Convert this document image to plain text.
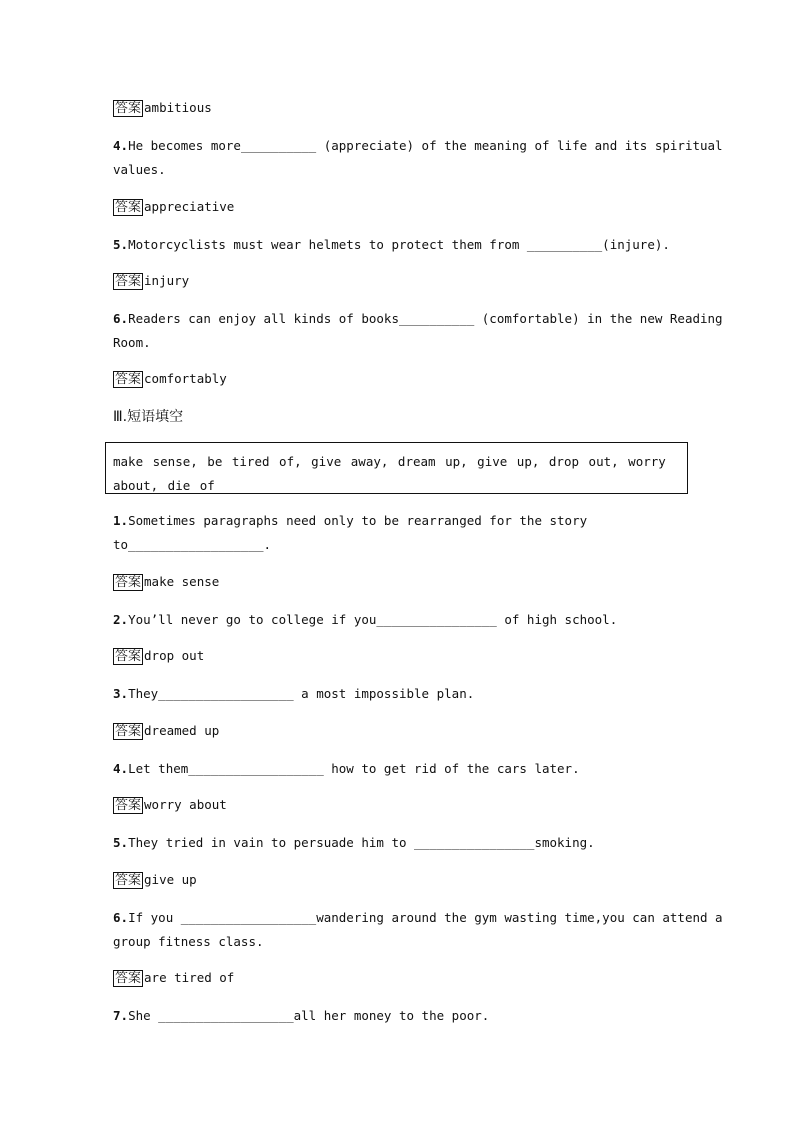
答案 ambitious
4.He becomes more__________ (appreciate) of the meaning of life and its spiritual
values.
答案 appreciative
5.Motorcyclists must wear helmets to protect them from __________(injure).
答案 injury
6.Readers can enjoy all kinds of books__________ (comfortable) in the new Reading
Room.
答案 comfortably
Ⅲ.短语填空
make sense, be tired of, give away, dream up, give up, drop out, worry about, die of
1.Sometimes paragraphs need only to be rearranged for the story
to__________________.
答案 make sense
2.You’ll never go to college if you________________ of high school.
答案 drop out
3.They__________________ a most impossible plan.
答案 dreamed up
4.Let them__________________ how to get rid of the cars later.
答案 worry about
5.They tried in vain to persuade him to ________________smoking.
答案 give up
6.If you __________________wandering around the gym wasting time,you can attend a
group fitness class.
答案 are tired of
7.She __________________all her money to the poor.
